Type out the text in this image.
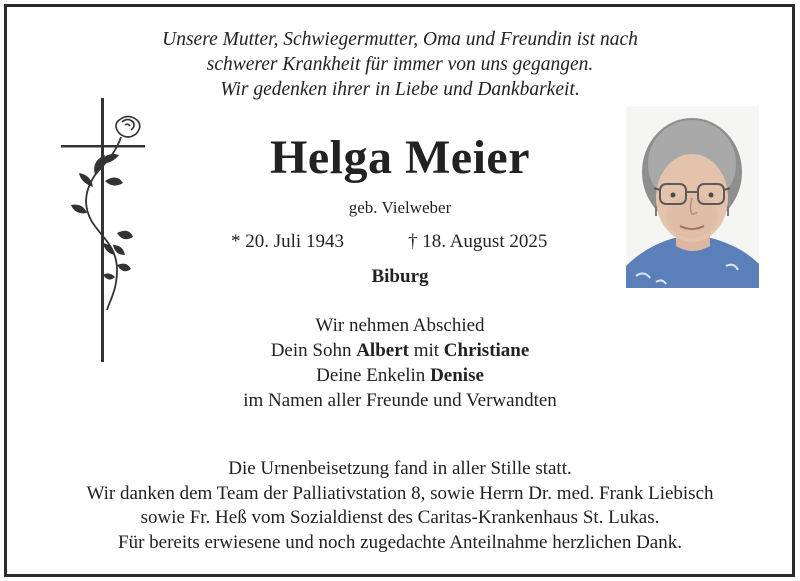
Unsere Mutter, Schwiegermutter, Oma und Freundin ist nach
schwerer Krankheit für immer von uns gegangen.
Wir gedenken ihrer in Liebe und Dankbarkeit.
Helga Meier
geb. Vielweber
* 20. Juli 1943	† 18. August 2025
Biburg
Wir nehmen Abschied
Dein Sohn Albert mit Christiane
Deine Enkelin Denise
im Namen aller Freunde und Verwandten
Die Urnenbeisetzung fand in aller Stille statt.
Wir danken dem Team der Palliativstation 8, sowie Herrn Dr. med. Frank Liebisch
sowie Fr. Heß vom Sozialdienst des Caritas-Krankenhaus St. Lukas.
Für bereits erwiesene und noch zugedachte Anteilnahme herzlichen Dank.
